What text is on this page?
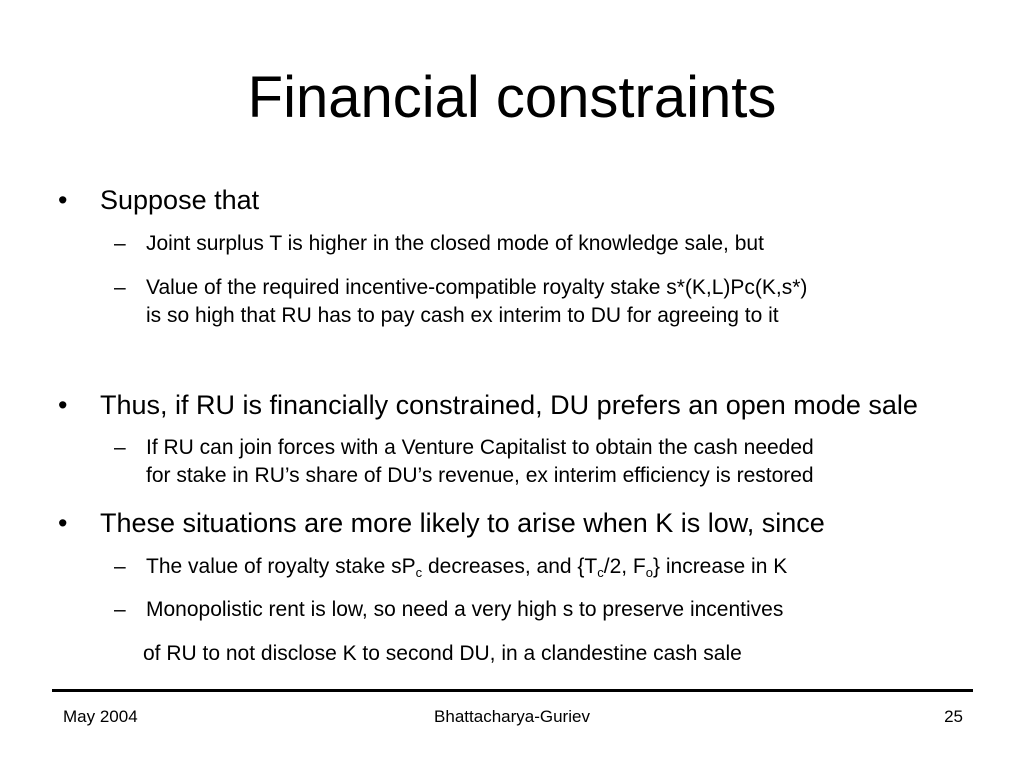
Financial constraints
• Suppose that
– Joint surplus T is higher in the closed mode of knowledge sale, but
– Value of the required incentive-compatible royalty stake s*(K,L)Pc(K,s*)
is so high that RU has to pay cash ex interim to DU for agreeing to it
• Thus, if RU is financially constrained, DU prefers an open mode sale
– If RU can join forces with a Venture Capitalist to obtain the cash needed
for stake in RU’s share of DU’s revenue, ex interim efficiency is restored
• These situations are more likely to arise when K is low, since
– The value of royalty stake $sP_c$ decreases, and {$T_c/2$, $F_o$} increase in K
– Monopolistic rent is low, so need a very high s to preserve incentives
of RU to not disclose K to second DU, in a clandestine cash sale
May 2004	Bhattacharya-Guriev	25
